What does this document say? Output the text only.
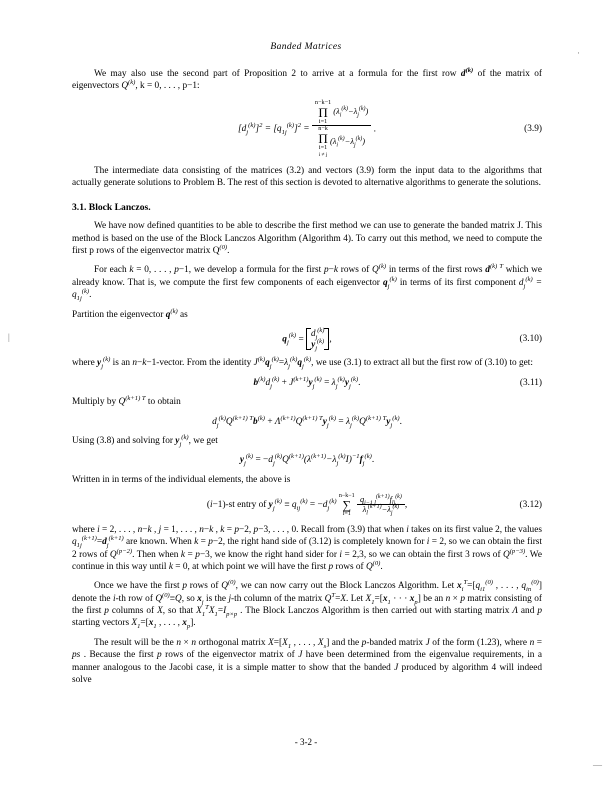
Banded Matrices
|
—
·

We may also use the second part of Proposition 2 to arrive at a formula for the first row $d^{(k)}$ of the matrix of eigenvectors $Q^{(k)}$, k = 0, . . . , p−1:

$[d_j^{(k)}]^2 = [q_{1j}^{(k)}]^2$ =
n−k−1
Π
i=1
$(\lambda_i^{(k)}-\lambda_j^{(k)})$
n−k
Π
i=1
i ≠ j
$(\lambda_i^{(k)}-\lambda_j^{(k)})$
.	(3.9)

The intermediate data consisting of the matrices (3.2) and vectors (3.9) form the input data to the algorithms that actually generate solutions to Problem B. The rest of this section is devoted to alternative algorithms to generate the solutions.

3.1. Block Lanczos.

We have now defined quantities to be able to describe the first method we can use to generate the banded matrix J. This method is based on the use of the Block Lanczos Algorithm (Algorithm 4). To carry out this method, we need to compute the first p rows of the eigenvector matrix $Q^{(0)}$.

For each k = 0, . . . , p−1, we develop a formula for the first p−k rows of $Q^{(k)}$ in terms of the first rows $d^{(k) T}$ which we already know. That is, we compute the first few components of each eigenvector $q_j^{(k)}$ in terms of its first component $d_j^{(k)} = q_{1j}^{(k)}$.

Partition the eigenvector $q^{(k)}$ as

$q_j^{(k)}$ =
$d_j^{(k)}$
$y_j^{(k)}$ ,	(3.10)

where $y_j^{(k)}$ is an n−k−1-vector. From the identity $J^{(k)}q_j^{(k)}=\lambda_j^{(k)}q_j^{(k)}$, we use (3.1) to extract all but the first row of (3.10) to get:

$b^{(k)}d_j^{(k)} + J^{(k+1)}y_j^{(k)} = \lambda_j^{(k)}y_j^{(k)}$.	(3.11)

Multiply by $Q^{(k+1) T}$ to obtain

$d_j^{(k)}Q^{(k+1) T}b^{(k)} + \Lambda^{(k+1)}Q^{(k+1) T}y_j^{(k)} = \lambda_j^{(k)}Q^{(k+1) T}y_j^{(k)}$.

Using (3.8) and solving for $y_j^{(k)}$, we get

$y_j^{(k)} = -d_j^{(k)}Q^{(k+1)}(\lambda^{(k+1)}-\lambda_j^{(k)}I)^{-1}f_j^{(k)}$.

Written in in terms of the individual elements, the above is

(i−1)-st entry of $y_j^{(k)} \equiv q_{ij}^{(k)} = -d_j^{(k)}$
n−k−1
∑
l=1
$\frac{q_{i-1,l}^{(k+1)}f_{lj}^{(k)}}{\lambda_l^{(k+1)}-\lambda_j^{(k)}}$ ,	(3.12)

where i = 2, . . . , n−k , j = 1, . . . , n−k , k = p−2, p−3, . . . , 0. Recall from (3.9) that when i takes on its first value 2, the values $q_{1j}^{(k+1)}=d_j^{(k+1)}$ are known. When k = p−2, the right hand side of (3.12) is completely known for i = 2, so we can obtain the first 2 rows of $Q^{(p-2)}$. Then when k = p−3, we know the right hand sider for i = 2,3, so we can obtain the first 3 rows of $Q^{(p-3)}$. We continue in this way until k = 0, at which point we will have the first p rows of $Q^{(0)}$.

Once we have the first p rows of $Q^{(0)}$, we can now carry out the Block Lanczos Algorithm. Let $x_i^T=[q_{i1}^{(0)}$ , . . . , $q_{in}^{(0)}$] denote the i-th row of $Q^{(0)}\equiv Q$, so $x_j$ is the j-th column of the matrix $Q^T=X$. Let $X_1=[x_1$ · · · $x_p$] be an n × p matrix consisting of the first p columns of X, so that $X_1^TX_1=I_{p\times p}$ . The Block Lanczos Algorithm is then carried out with starting matrix Λ and p starting vectors $X_1=[x_1$ , . . . , $x_p$].

The result will be the n × n orthogonal matrix $X=[X_1$ , . . . , $X_s$] and the p-banded matrix J of the form (1.23), where n = ps . Because the first p rows of the eigenvector matrix of J have been determined from the eigenvalue requirements, in a manner analogous to the Jacobi case, it is a simple matter to show that the banded J produced by algorithm 4 will indeed solve

- 3-2 -
